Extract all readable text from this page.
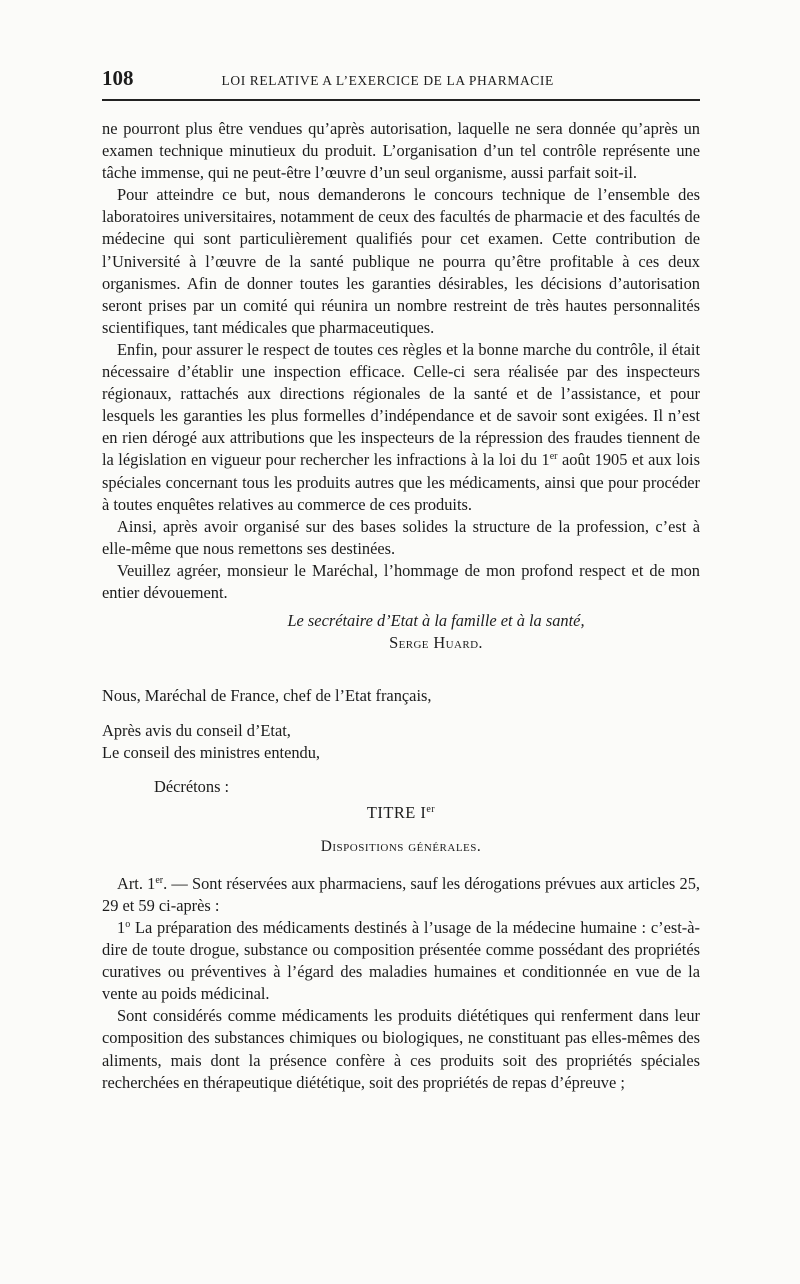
108	LOI RELATIVE A L’EXERCICE DE LA PHARMACIE

ne pourront plus être vendues qu’après autorisation, laquelle ne sera donnée qu’après un examen technique minutieux du produit. L’organisation d’un tel contrôle représente une tâche immense, qui ne peut-être l’œuvre d’un seul organisme, aussi parfait soit-il.

Pour atteindre ce but, nous demanderons le concours technique de l’ensemble des laboratoires universitaires, notamment de ceux des facultés de pharmacie et des facultés de médecine qui sont particulièrement qualifiés pour cet examen. Cette contribution de l’Université à l’œuvre de la santé publique ne pourra qu’être profitable à ces deux organismes. Afin de donner toutes les garanties désirables, les décisions d’autorisation seront prises par un comité qui réunira un nombre restreint de très hautes personnalités scientifiques, tant médicales que pharmaceutiques.

Enfin, pour assurer le respect de toutes ces règles et la bonne marche du contrôle, il était nécessaire d’établir une inspection efficace. Celle-ci sera réalisée par des inspecteurs régionaux, rattachés aux directions régionales de la santé et de l’assistance, et pour lesquels les garanties les plus formelles d’indépendance et de savoir sont exigées. Il n’est en rien dérogé aux attributions que les inspecteurs de la répression des fraudes tiennent de la législation en vigueur pour rechercher les infractions à la loi du 1er août 1905 et aux lois spéciales concernant tous les produits autres que les médicaments, ainsi que pour procéder à toutes enquêtes relatives au commerce de ces produits.

Ainsi, après avoir organisé sur des bases solides la structure de la profession, c’est à elle-même que nous remettons ses destinées.

Veuillez agréer, monsieur le Maréchal, l’hommage de mon profond respect et de mon entier dévouement.

Le secrétaire d’Etat à la famille et à la santé,

Serge Huard.

Nous, Maréchal de France, chef de l’Etat français,

Après avis du conseil d’Etat,

Le conseil des ministres entendu,

Décrétons :

TITRE Ier

Dispositions générales.

Art. 1er. — Sont réservées aux pharmaciens, sauf les dérogations prévues aux articles 25, 29 et 59 ci-après :

1$^o$ La préparation des médicaments destinés à l’usage de la médecine humaine : c’est-à-dire de toute drogue, substance ou composition présentée comme possédant des propriétés curatives ou préventives à l’égard des maladies humaines et conditionnée en vue de la vente au poids médicinal.

Sont considérés comme médicaments les produits diététiques qui renferment dans leur composition des substances chimiques ou biologiques, ne constituant pas elles-mêmes des aliments, mais dont la présence confère à ces produits soit des propriétés spéciales recherchées en thérapeutique diététique, soit des propriétés de repas d’épreuve ;
